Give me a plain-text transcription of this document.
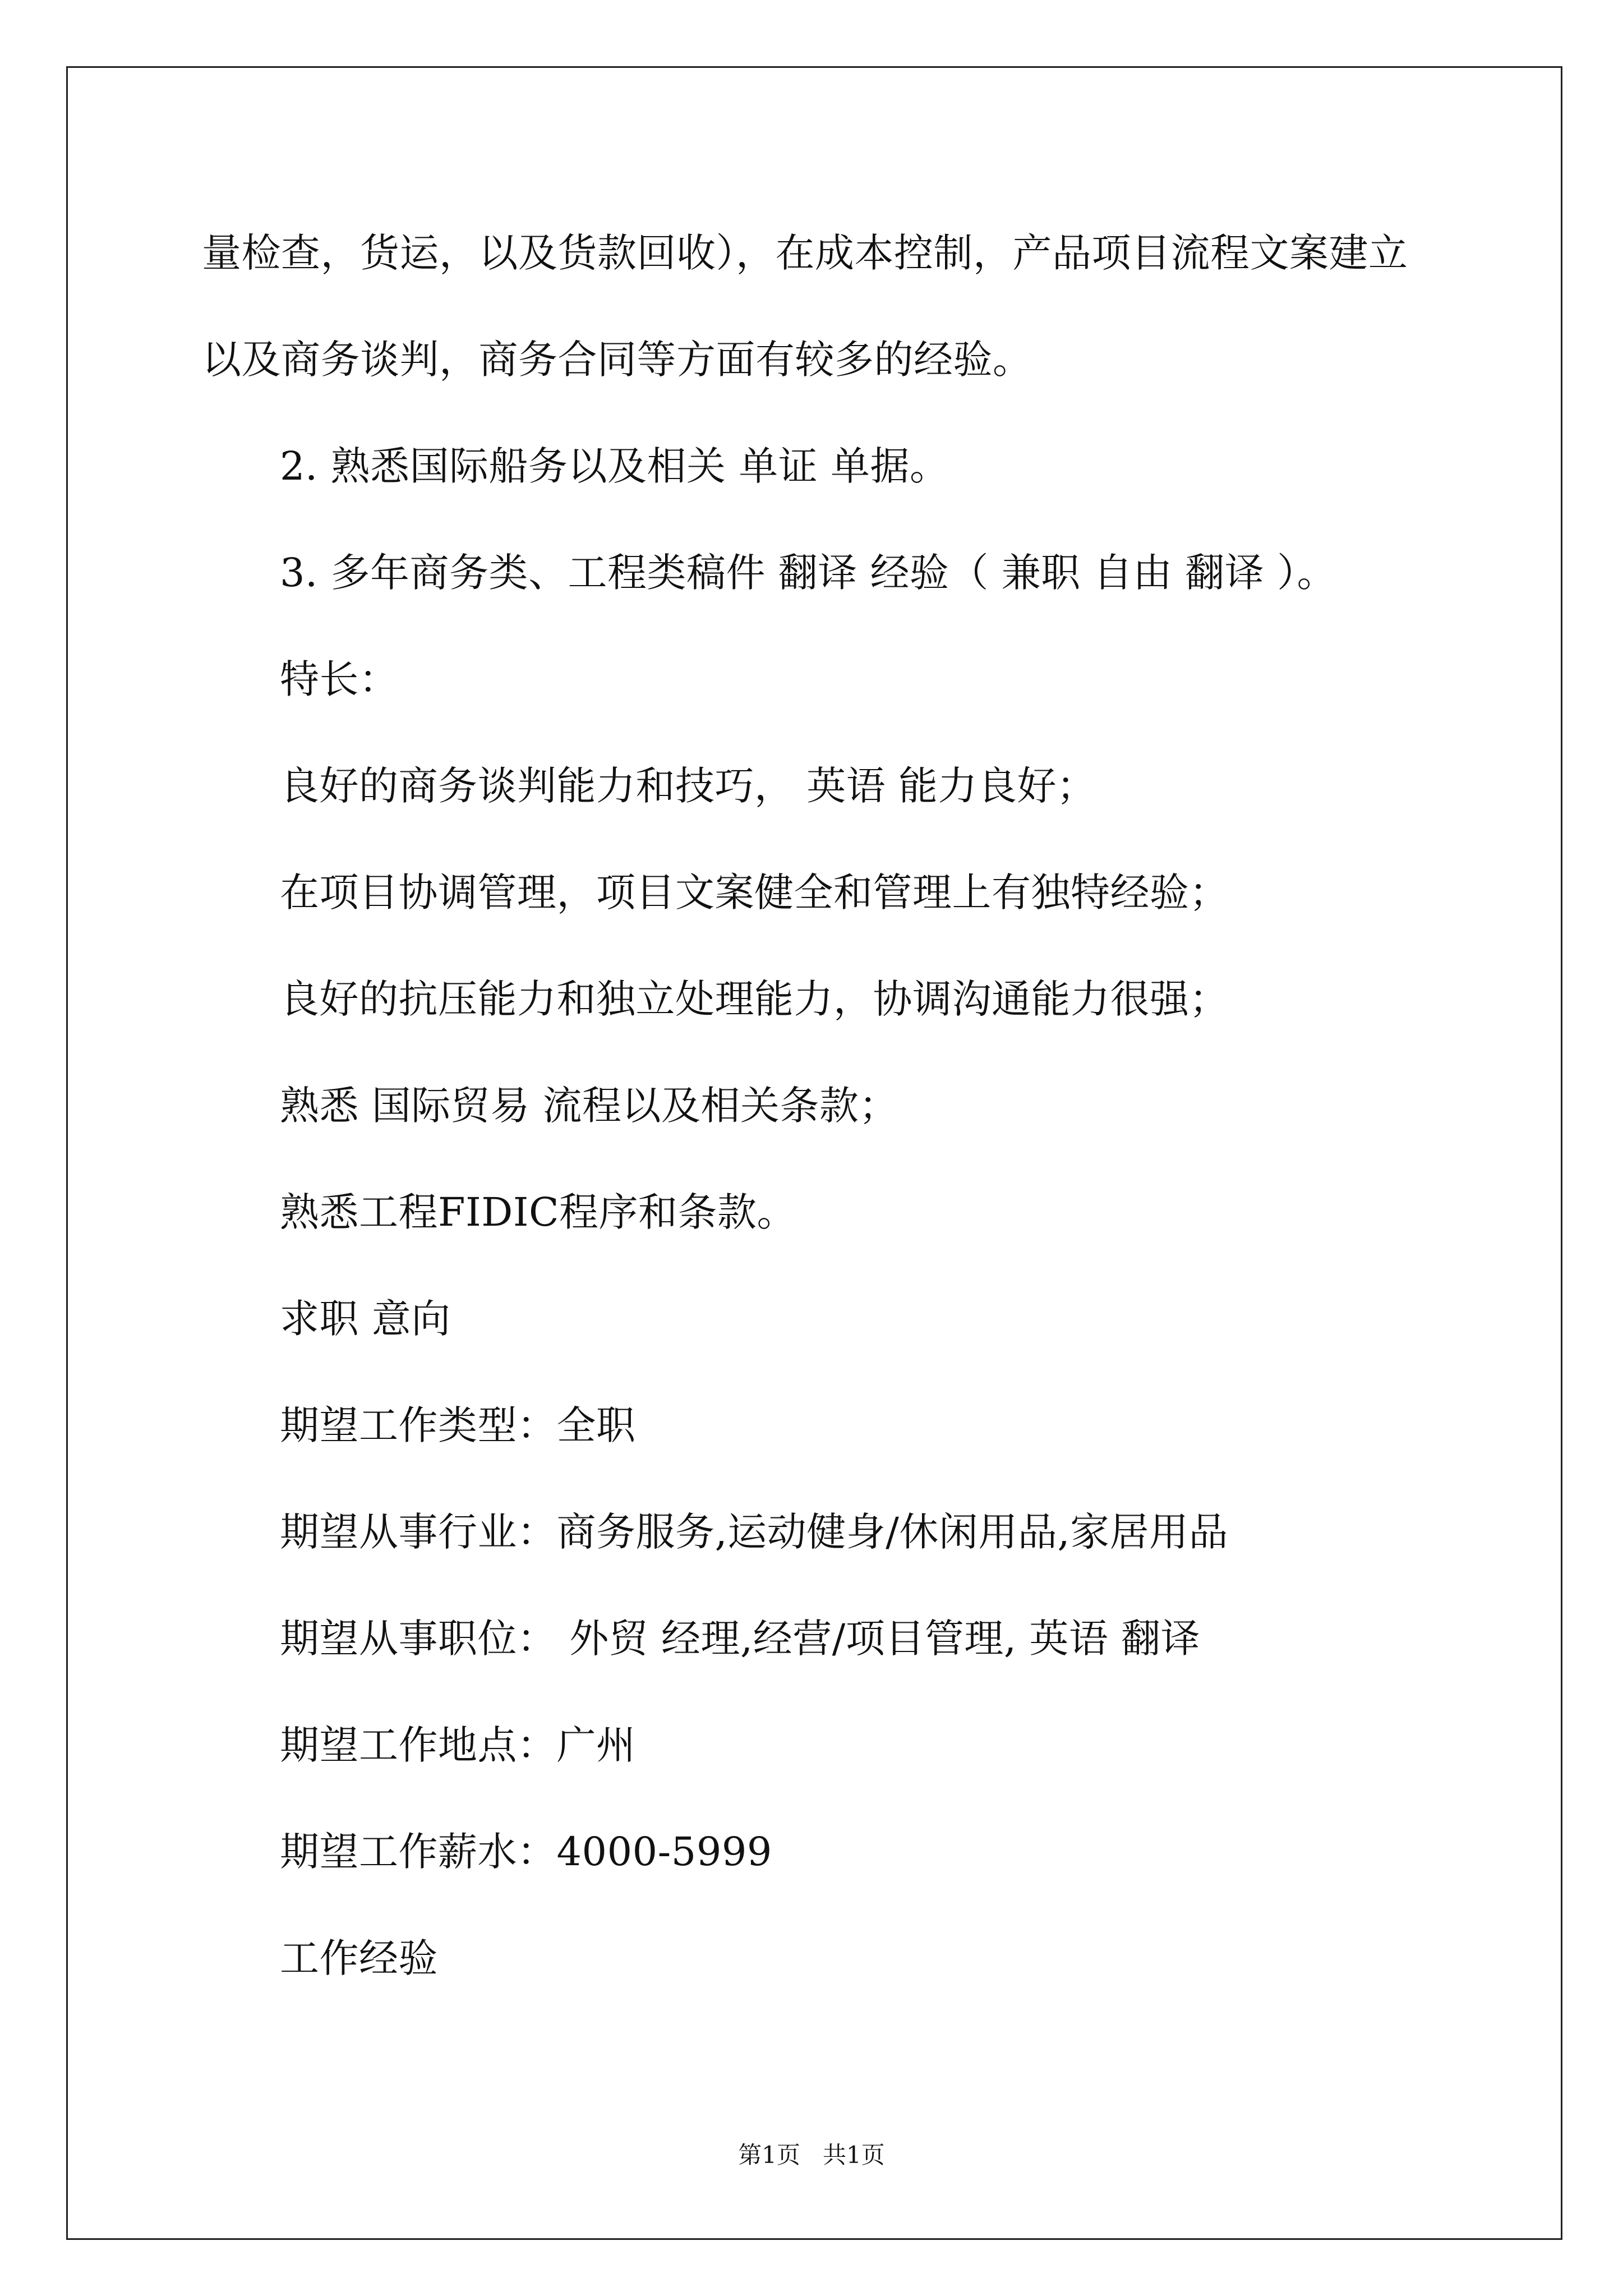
量检查，货运，以及货款回收），在成本控制，产品项目流程文案建立
以及商务谈判，商务合同等方面有较多的经验。
2. 熟悉国际船务以及相关 单证 单据。
3. 多年商务类、工程类稿件 翻译 经验（ 兼职 自由 翻译 ）。
特长：
良好的商务谈判能力和技巧， 英语 能力良好；
在项目协调管理，项目文案健全和管理上有独特经验；
良好的抗压能力和独立处理能力，协调沟通能力很强；
熟悉 国际贸易 流程以及相关条款；
熟悉工程FIDIC程序和条款。
求职 意向
期望工作类型：全职
期望从事行业：商务服务,运动健身/休闲用品,家居用品
期望从事职位： 外贸 经理,经营/项目管理, 英语 翻译
期望工作地点：广州
期望工作薪水：4000-5999
工作经验
第1页   共1页
